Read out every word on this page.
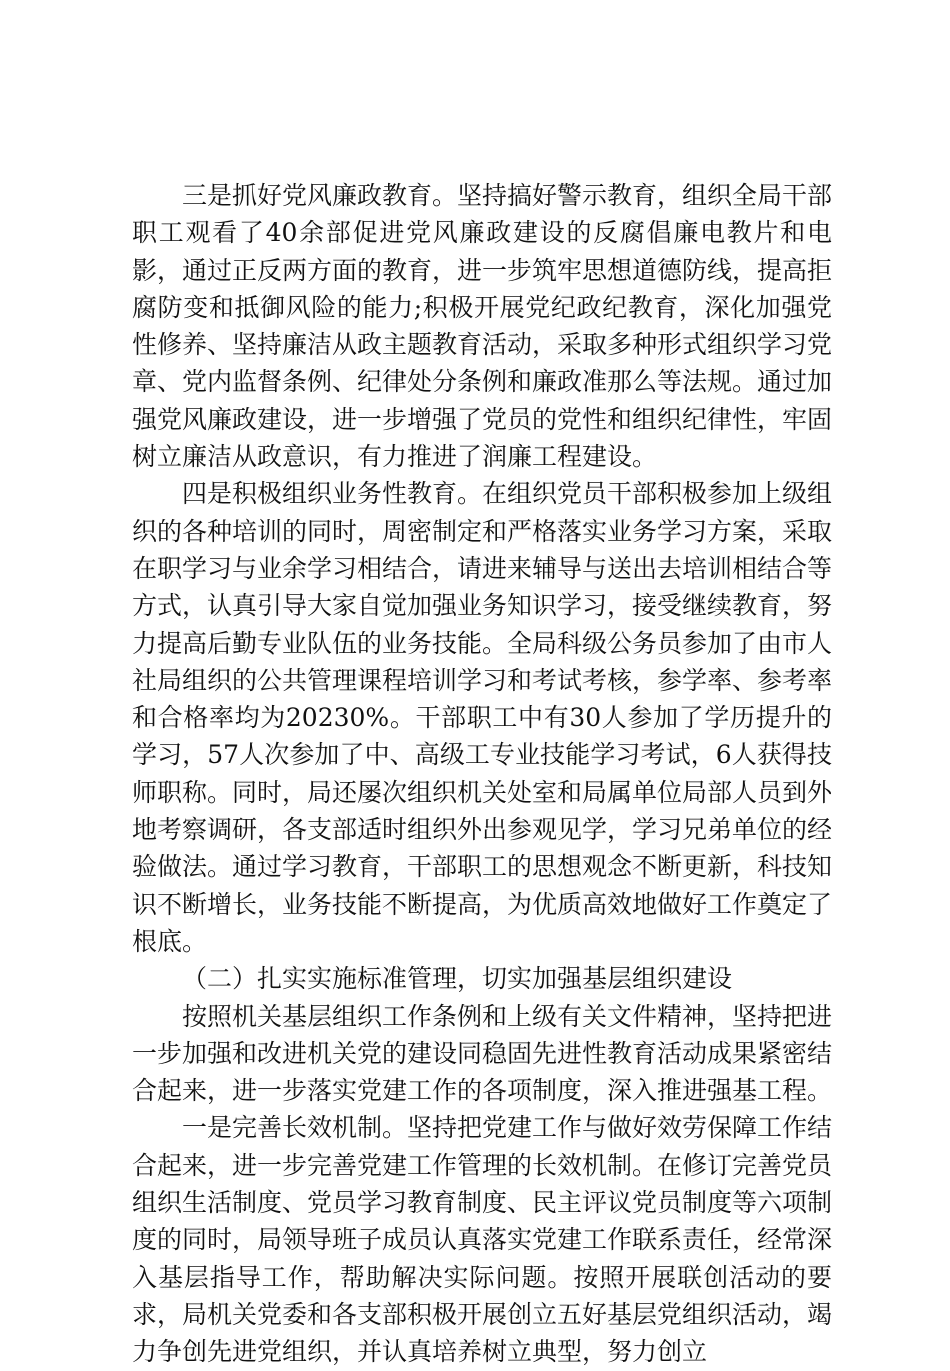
三是抓好党风廉政教育。坚持搞好警示教育，组织全局干部职工观看了40余部促进党风廉政建设的反腐倡廉电教片和电影，通过正反两方面的教育，进一步筑牢思想道德防线，提高拒腐防变和抵御风险的能力;积极开展党纪政纪教育，深化加强党性修养、坚持廉洁从政主题教育活动，采取多种形式组织学习党章、党内监督条例、纪律处分条例和廉政准那么等法规。通过加强党风廉政建设，进一步增强了党员的党性和组织纪律性，牢固树立廉洁从政意识，有力推进了润廉工程建设。

四是积极组织业务性教育。在组织党员干部积极参加上级组织的各种培训的同时，周密制定和严格落实业务学习方案，采取在职学习与业余学习相结合，请进来辅导与送出去培训相结合等方式，认真引导大家自觉加强业务知识学习，接受继续教育，努力提高后勤专业队伍的业务技能。全局科级公务员参加了由市人社局组织的公共管理课程培训学习和考试考核，参学率、参考率和合格率均为20230%。干部职工中有30人参加了学历提升的学习，57人次参加了中、高级工专业技能学习考试，6人获得技师职称。同时，局还屡次组织机关处室和局属单位局部人员到外地考察调研，各支部适时组织外出参观见学，学习兄弟单位的经验做法。通过学习教育，干部职工的思想观念不断更新，科技知识不断增长，业务技能不断提高，为优质高效地做好工作奠定了根底。

（二）扎实实施标准管理，切实加强基层组织建设

按照机关基层组织工作条例和上级有关文件精神，坚持把进一步加强和改进机关党的建设同稳固先进性教育活动成果紧密结合起来，进一步落实党建工作的各项制度，深入推进强基工程。

一是完善长效机制。坚持把党建工作与做好效劳保障工作结合起来，进一步完善党建工作管理的长效机制。在修订完善党员组织生活制度、党员学习教育制度、民主评议党员制度等六项制度的同时，局领导班子成员认真落实党建工作联系责任，经常深入基层指导工作，帮助解决实际问题。按照开展联创活动的要求，局机关党委和各支部积极开展创立五好基层党组织活动，竭力争创先进党组织，并认真培养树立典型，努力创立
